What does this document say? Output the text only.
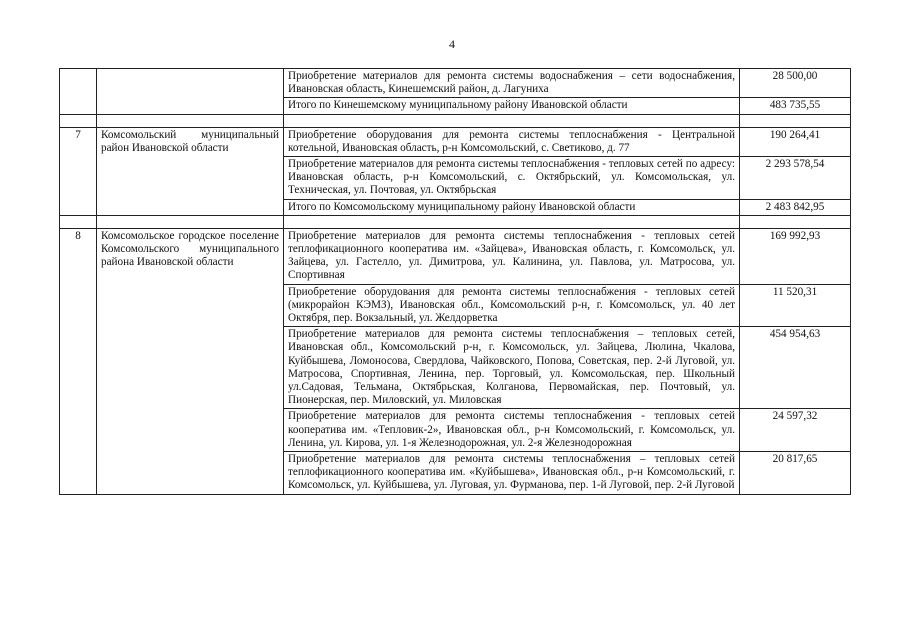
4
		Приобретение материалов для ремонта системы водоснабжения – сети водоснабжения, Ивановская область, Кинешемский район, д. Лагуниха	28 500,00
		Итого по Кинешемскому муниципальному району Ивановской области	483 735,55

7	Комсомольский муниципальный район Ивановской области	Приобретение оборудования для ремонта системы теплоснабжения - Центральной котельной, Ивановская область, р-н Комсомольский, с. Светиково, д. 77	190 264,41
		Приобретение материалов для ремонта системы теплоснабжения - тепловых сетей по адресу: Ивановская область, р-н Комсомольский, с. Октябрьский, ул. Комсомольская, ул. Техническая, ул. Почтовая, ул. Октябрьская	2 293 578,54
		Итого по Комсомольскому муниципальному району Ивановской области	2 483 842,95

8	Комсомольское городское поселение Комсомольского муниципального района Ивановской области	Приобретение материалов для ремонта системы теплоснабжения - тепловых сетей теплофикационного кооператива им. «Зайцева», Ивановская область, г. Комсомольск, ул. Зайцева, ул. Гастелло, ул. Димитрова, ул. Калинина, ул. Павлова, ул. Матросова, ул. Спортивная	169 992,93
		Приобретение оборудования для ремонта системы теплоснабжения - тепловых сетей (микрорайон КЭМЗ), Ивановская обл., Комсомольский р-н, г. Комсомольск, ул. 40 лет Октября, пер. Вокзальный, ул. Желдорветка	11 520,31
		Приобретение материалов для ремонта системы теплоснабжения – тепловых сетей, Ивановская обл., Комсомольский р-н, г. Комсомольск, ул. Зайцева, Люлина, Чкалова, Куйбышева, Ломоносова, Свердлова, Чайковского, Попова, Советская, пер. 2-й Луговой, ул. Матросова, Спортивная, Ленина, пер. Торговый, ул. Комсомольская, пер. Школьный ул.Садовая, Тельмана, Октябрьская, Колганова, Первомайская, пер. Почтовый, ул. Пионерская, пер. Миловский, ул. Миловская	454 954,63
		Приобретение материалов для ремонта системы теплоснабжения - тепловых сетей кооператива им. «Тепловик-2», Ивановская обл., р-н Комсомольский, г. Комсомольск, ул. Ленина, ул. Кирова, ул. 1-я Железнодорожная, ул. 2-я Железнодорожная	24 597,32
		Приобретение материалов для ремонта системы теплоснабжения – тепловых сетей теплофикационного кооператива им. «Куйбышева», Ивановская обл., р-н Комсомольский, г. Комсомольск, ул. Куйбышева, ул. Луговая, ул. Фурманова, пер. 1-й Луговой, пер. 2-й Луговой	20 817,65
